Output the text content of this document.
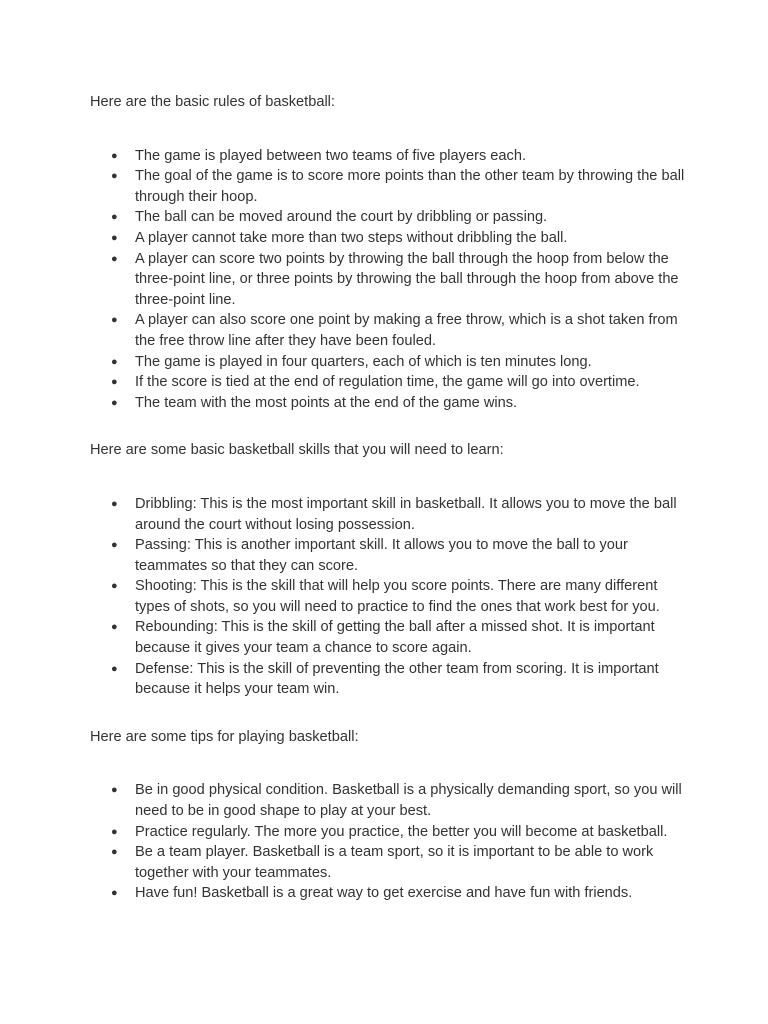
Here are the basic rules of basketball:

● The game is played between two teams of five players each.
● The goal of the game is to score more points than the other team by throwing the ball through their hoop.
● The ball can be moved around the court by dribbling or passing.
● A player cannot take more than two steps without dribbling the ball.
● A player can score two points by throwing the ball through the hoop from below the three-point line, or three points by throwing the ball through the hoop from above the three-point line.
● A player can also score one point by making a free throw, which is a shot taken from the free throw line after they have been fouled.
● The game is played in four quarters, each of which is ten minutes long.
● If the score is tied at the end of regulation time, the game will go into overtime.
● The team with the most points at the end of the game wins.

Here are some basic basketball skills that you will need to learn:

● Dribbling: This is the most important skill in basketball. It allows you to move the ball around the court without losing possession.
● Passing: This is another important skill. It allows you to move the ball to your teammates so that they can score.
● Shooting: This is the skill that will help you score points. There are many different types of shots, so you will need to practice to find the ones that work best for you.
● Rebounding: This is the skill of getting the ball after a missed shot. It is important because it gives your team a chance to score again.
● Defense: This is the skill of preventing the other team from scoring. It is important because it helps your team win.

Here are some tips for playing basketball:

● Be in good physical condition. Basketball is a physically demanding sport, so you will need to be in good shape to play at your best.
● Practice regularly. The more you practice, the better you will become at basketball.
● Be a team player. Basketball is a team sport, so it is important to be able to work together with your teammates.
● Have fun! Basketball is a great way to get exercise and have fun with friends.
